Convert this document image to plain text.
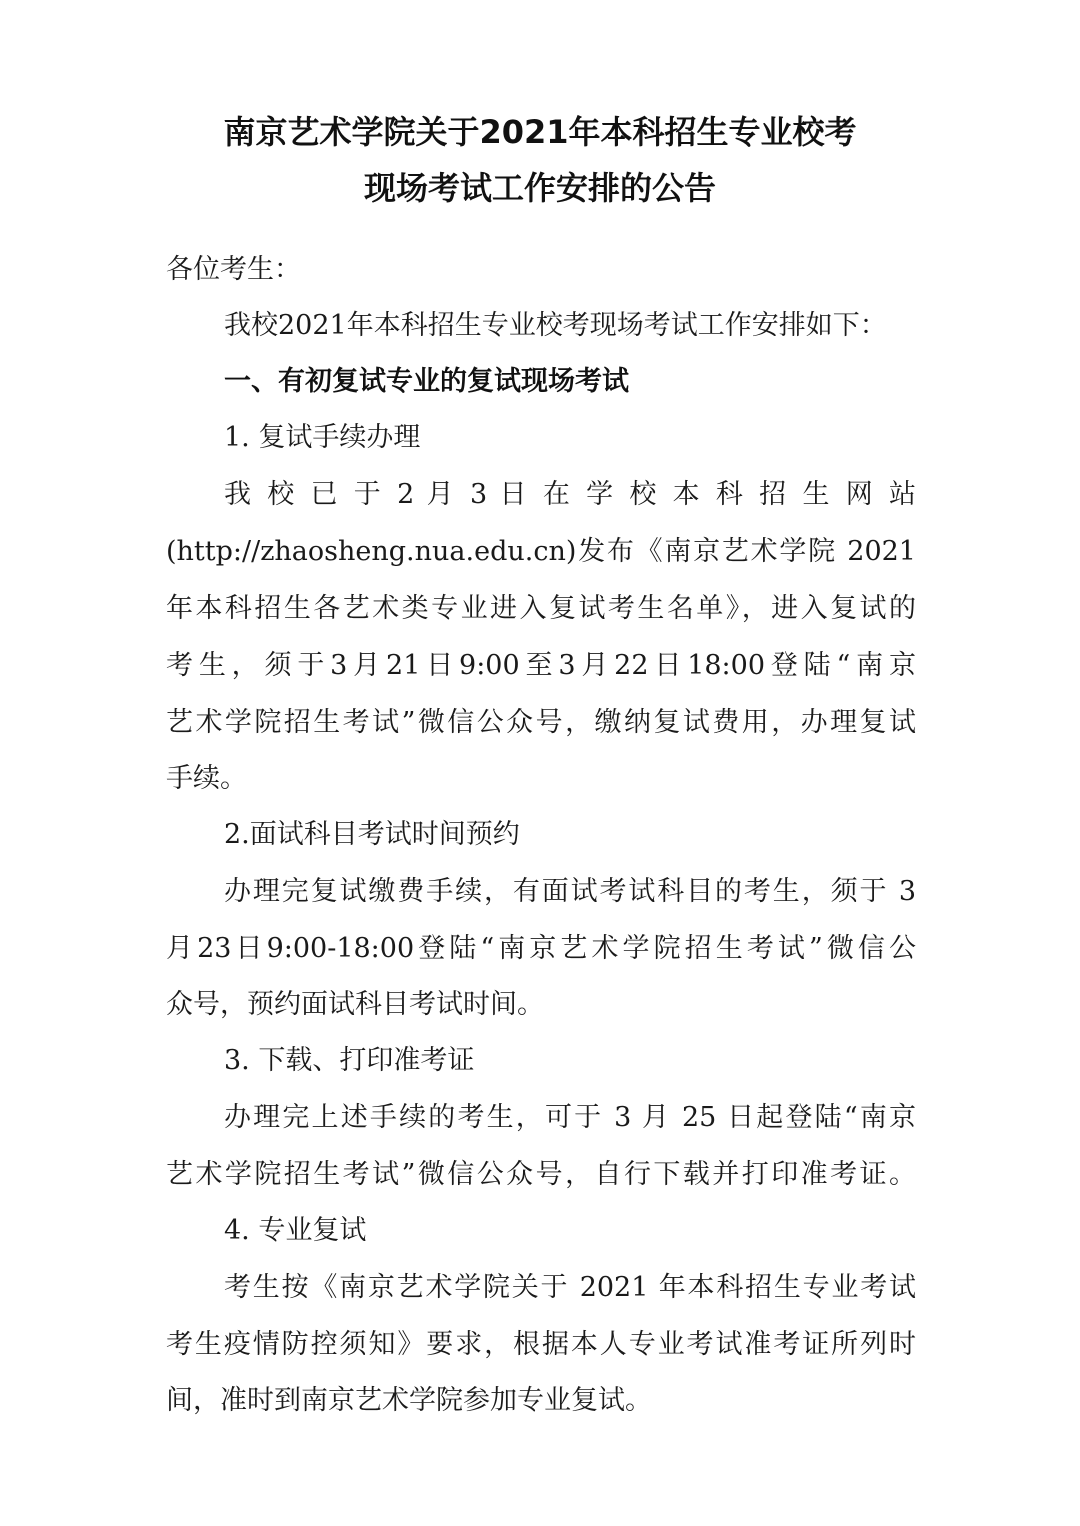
南京艺术学院关于2021年本科招生专业校考
现场考试工作安排的公告
各位考生：
我校2021年本科招生专业校考现场考试工作安排如下：
一、有初复试专业的复试现场考试
1. 复试手续办理
我 校 已 于 2 月 3 日 在 学 校 本 科 招 生 网 站
(http://zhaosheng.nua.edu.cn)发布《南京艺术学院 2021
年本科招生各艺术类专业进入复试考生名单》，进入复试的
考生，须于3月21日9:00至3月22日18:00登陆“南京
艺术学院招生考试”微信公众号，缴纳复试费用，办理复试
手续。
2.面试科目考试时间预约
办理完复试缴费手续，有面试考试科目的考生，须于 3
月23日9:00-18:00登陆“南京艺术学院招生考试”微信公
众号，预约面试科目考试时间。
3. 下载、打印准考证
办理完上述手续的考生，可于 3 月 25 日起登陆“南京
艺术学院招生考试”微信公众号，自行下载并打印准考证。
4. 专业复试
考生按《南京艺术学院关于 2021 年本科招生专业考试
考生疫情防控须知》要求，根据本人专业考试准考证所列时
间，准时到南京艺术学院参加专业复试。
